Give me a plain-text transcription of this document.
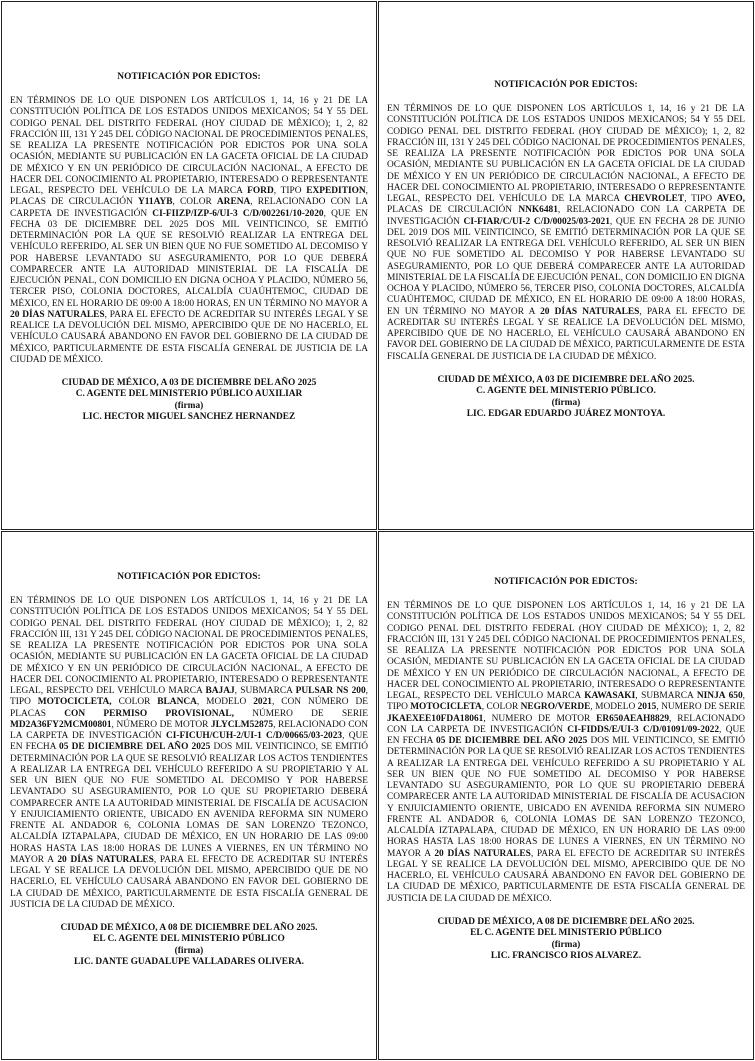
NOTIFICACIÓN POR EDICTOS:
EN TÉRMINOS DE LO QUE DISPONEN LOS ARTÍCULOS 1, 14, 16 y 21 DE LA CONSTITUCIÓN POLÍTICA DE LOS ESTADOS UNIDOS MEXICANOS; 54 Y 55 DEL CODIGO PENAL DEL DISTRITO FEDERAL (HOY CIUDAD DE MÉXICO); 1, 2, 82 FRACCIÓN III, 131 Y 245 DEL CÓDIGO NACIONAL DE PROCEDIMIENTOS PENALES, SE REALIZA LA PRESENTE NOTIFICACIÓN POR EDICTOS POR UNA SOLA OCASIÓN, MEDIANTE SU PUBLICACIÓN EN LA GACETA OFICIAL DE LA CIUDAD DE MÉXICO Y EN UN PERIÓDICO DE CIRCULACIÓN NACIONAL, A EFECTO DE HACER DEL CONOCIMIENTO AL PROPIETARIO, INTERESADO O REPRESENTANTE LEGAL, RESPECTO DEL VEHÍCULO DE LA MARCA FORD, TIPO EXPEDITION, PLACAS DE CIRCULACIÓN Y11AYB, COLOR ARENA, RELACIONADO CON LA CARPETA DE INVESTIGACIÓN CI-FIIZP/IZP-6/UI-3 C/D/002261/10-2020, QUE EN FECHA 03 DE DICIEMBRE DEL 2025 DOS MIL VEINTICINCO, SE EMITIÓ DETERMINACIÓN POR LA QUE SE RESOLVIÓ REALIZAR LA ENTREGA DEL VEHÍCULO REFERIDO, AL SER UN BIEN QUE NO FUE SOMETIDO AL DECOMISO Y POR HABERSE LEVANTADO SU ASEGURAMIENTO, POR LO QUE DEBERÁ COMPARECER ANTE LA AUTORIDAD MINISTERIAL DE LA FISCALÍA DE EJECUCIÓN PENAL, CON DOMICILIO EN DIGNA OCHOA Y PLACIDO, NÚMERO 56, TERCER PISO, COLONIA DOCTORES, ALCALDÍA CUAÚHTEMOC, CIUDAD DE MÉXICO, EN EL HORARIO DE 09:00 A 18:00 HORAS, EN UN TÉRMINO NO MAYOR A 20 DÍAS NATURALES, PARA EL EFECTO DE ACREDITAR SU INTERÉS LEGAL Y SE REALICE LA DEVOLUCIÓN DEL MISMO, APERCIBIDO QUE DE NO HACERLO, EL VEHÍCULO CAUSARÁ ABANDONO EN FAVOR DEL GOBIERNO DE LA CIUDAD DE MÉXICO, PARTICULARMENTE DE ESTA FISCALÍA GENERAL DE JUSTICIA DE LA CIUDAD DE MÉXICO.
CIUDAD DE MÉXICO, A 03 DE DICIEMBRE DEL AÑO 2025
C. AGENTE DEL MINISTERIO PÚBLICO AUXILIAR
(firma)
LIC. HECTOR MIGUEL SANCHEZ HERNANDEZ
NOTIFICACIÓN POR EDICTOS:
EN TÉRMINOS DE LO QUE DISPONEN LOS ARTÍCULOS 1, 14, 16 y 21 DE LA CONSTITUCIÓN POLÍTICA DE LOS ESTADOS UNIDOS MEXICANOS; 54 Y 55 DEL CODIGO PENAL DEL DISTRITO FEDERAL (HOY CIUDAD DE MÉXICO); 1, 2, 82 FRACCIÓN III, 131 Y 245 DEL CÓDIGO NACIONAL DE PROCEDIMIENTOS PENALES, SE REALIZA LA PRESENTE NOTIFICACIÓN POR EDICTOS POR UNA SOLA OCASIÓN, MEDIANTE SU PUBLICACIÓN EN LA GACETA OFICIAL DE LA CIUDAD DE MÉXICO Y EN UN PERIÓDICO DE CIRCULACIÓN NACIONAL, A EFECTO DE HACER DEL CONOCIMIENTO AL PROPIETARIO, INTERESADO O REPRESENTANTE LEGAL, RESPECTO DEL VEHÍCULO DE LA MARCA CHEVROLET, TIPO AVEO, PLACAS DE CIRCULACIÓN NNK6481, RELACIONADO CON LA CARPETA DE INVESTIGACIÓN CI-FIAR/C/UI-2 C/D/00025/03-2021, QUE EN FECHA 28 DE JUNIO DEL 2019 DOS MIL VEINTICINCO, SE EMITIÓ DETERMINACIÓN POR LA QUE SE RESOLVIÓ REALIZAR LA ENTREGA DEL VEHÍCULO REFERIDO, AL SER UN BIEN QUE NO FUE SOMETIDO AL DECOMISO Y POR HABERSE LEVANTADO SU ASEGURAMIENTO, POR LO QUE DEBERÁ COMPARECER ANTE LA AUTORIDAD MINISTERIAL DE LA FISCALÍA DE EJECUCIÓN PENAL, CON DOMICILIO EN DIGNA OCHOA Y PLACIDO, NÚMERO 56, TERCER PISO, COLONIA DOCTORES, ALCALDÍA CUAÚHTEMOC, CIUDAD DE MÉXICO, EN EL HORARIO DE 09:00 A 18:00 HORAS, EN UN TÉRMINO NO MAYOR A 20 DÍAS NATURALES, PARA EL EFECTO DE ACREDITAR SU INTERÉS LEGAL Y SE REALICE LA DEVOLUCIÓN DEL MISMO, APERCIBIDO QUE DE NO HACERLO, EL VEHÍCULO CAUSARÁ ABANDONO EN FAVOR DEL GOBIERNO DE LA CIUDAD DE MÉXICO, PARTICULARMENTE DE ESTA FISCALÍA GENERAL DE JUSTICIA DE LA CIUDAD DE MÉXICO.
CIUDAD DE MÉXICO, A 03 DE DICIEMBRE DEL AÑO 2025.
C. AGENTE DEL MINISTERIO PÚBLICO.
(firma)
LIC. EDGAR EDUARDO JUÁREZ MONTOYA.
NOTIFICACIÓN POR EDICTOS:
EN TÉRMINOS DE LO QUE DISPONEN LOS ARTÍCULOS 1, 14, 16 y 21 DE LA CONSTITUCIÓN POLÍTICA DE LOS ESTADOS UNIDOS MEXICANOS; 54 Y 55 DEL CODIGO PENAL DEL DISTRITO FEDERAL (HOY CIUDAD DE MÉXICO); 1, 2, 82 FRACCIÓN III, 131 Y 245 DEL CÓDIGO NACIONAL DE PROCEDIMIENTOS PENALES, SE REALIZA LA PRESENTE NOTIFICACIÓN POR EDICTOS POR UNA SOLA OCASIÓN, MEDIANTE SU PUBLICACIÓN EN LA GACETA OFICIAL DE LA CIUDAD DE MÉXICO Y EN UN PERIÓDICO DE CIRCULACIÓN NACIONAL, A EFECTO DE HACER DEL CONOCIMIENTO AL PROPIETARIO, INTERESADO O REPRESENTANTE LEGAL, RESPECTO DEL VEHÍCULO MARCA BAJAJ, SUBMARCA PULSAR NS 200, TIPO MOTOCICLETA, COLOR BLANCA, MODELO 2021, CON NÚMERO DE PLACAS CON PERMISO PROVISIONAL, NÚMERO DE SERIE MD2A36FY2MCM00801, NÚMERO DE MOTOR JLYCLM52875, RELACIONADO CON LA CARPETA DE INVESTIGACIÓN CI-FICUH/CUH-2/UI-1 C/D/00665/03-2023, QUE EN FECHA 05 DE DICIEMBRE DEL AÑO 2025 DOS MIL VEINTICINCO, SE EMITIÓ DETERMINACIÓN POR LA QUE SE RESOLVIÓ REALIZAR LOS ACTOS TENDIENTES A REALIZAR LA ENTREGA DEL VEHÍCULO REFERIDO A SU PROPIETARIO Y AL SER UN BIEN QUE NO FUE SOMETIDO AL DECOMISO Y POR HABERSE LEVANTADO SU ASEGURAMIENTO, POR LO QUE SU PROPIETARIO DEBERÁ COMPARECER ANTE LA AUTORIDAD MINISTERIAL DE FISCALÍA DE ACUSACION Y ENJUICIAMIENTO ORIENTE, UBICADO EN AVENIDA REFORMA SIN NUMERO FRENTE AL ANDADOR 6, COLONIA LOMAS DE SAN LORENZO TEZONCO, ALCALDÍA IZTAPALAPA, CIUDAD DE MÉXICO, EN UN HORARIO DE LAS 09:00 HORAS HASTA LAS 18:00 HORAS DE LUNES A VIERNES, EN UN TÉRMINO NO MAYOR A 20 DÍAS NATURALES, PARA EL EFECTO DE ACREDITAR SU INTERÉS LEGAL Y SE REALICE LA DEVOLUCIÓN DEL MISMO, APERCIBIDO QUE DE NO HACERLO, EL VEHÍCULO CAUSARÁ ABANDONO EN FAVOR DEL GOBIERNO DE LA CIUDAD DE MÉXICO, PARTICULARMENTE DE ESTA FISCALÍA GENERAL DE JUSTICIA DE LA CIUDAD DE MÉXICO.
CIUDAD DE MÉXICO, A 08 DE DICIEMBRE DEL AÑO 2025.
EL C. AGENTE DEL MINISTERIO PÚBLICO
(firma)
LIC. DANTE GUADALUPE VALLADARES OLIVERA.
NOTIFICACIÓN POR EDICTOS:
EN TÉRMINOS DE LO QUE DISPONEN LOS ARTÍCULOS 1, 14, 16 y 21 DE LA CONSTITUCIÓN POLÍTICA DE LOS ESTADOS UNIDOS MEXICANOS; 54 Y 55 DEL CODIGO PENAL DEL DISTRITO FEDERAL (HOY CIUDAD DE MÉXICO); 1, 2, 82 FRACCIÓN III, 131 Y 245 DEL CÓDIGO NACIONAL DE PROCEDIMIENTOS PENALES, SE REALIZA LA PRESENTE NOTIFICACIÓN POR EDICTOS POR UNA SOLA OCASIÓN, MEDIANTE SU PUBLICACIÓN EN LA GACETA OFICIAL DE LA CIUDAD DE MÉXICO Y EN UN PERIÓDICO DE CIRCULACIÓN NACIONAL, A EFECTO DE HACER DEL CONOCIMIENTO AL PROPIETARIO, INTERESADO O REPRESENTANTE LEGAL, RESPECTO DEL VEHÍCULO MARCA KAWASAKI, SUBMARCA NINJA 650, TIPO MOTOCICLETA, COLOR NEGRO/VERDE, MODELO 2015, NUMERO DE SERIE JKAEXEE10FDA18061, NUMERO DE MOTOR ER650AEAH8829, RELACIONADO CON LA CARPETA DE INVESTIGACIÓN CI-FIDDS/E/UI-3 C/D/01091/09-2022, QUE EN FECHA 05 DE DICIEMBRE DEL AÑO 2025 DOS MIL VEINTICINCO, SE EMITIÓ DETERMINACIÓN POR LA QUE SE RESOLVIÓ REALIZAR LOS ACTOS TENDIENTES A REALIZAR LA ENTREGA DEL VEHÍCULO REFERIDO A SU PROPIETARIO Y AL SER UN BIEN QUE NO FUE SOMETIDO AL DECOMISO Y POR HABERSE LEVANTADO SU ASEGURAMIENTO, POR LO QUE SU PROPIETARIO DEBERÁ COMPARECER ANTE LA AUTORIDAD MINISTERIAL DE FISCALÍA DE ACUSACION Y ENJUICIAMIENTO ORIENTE, UBICADO EN AVENIDA REFORMA SIN NUMERO FRENTE AL ANDADOR 6, COLONIA LOMAS DE SAN LORENZO TEZONCO, ALCALDÍA IZTAPALAPA, CIUDAD DE MÉXICO, EN UN HORARIO DE LAS 09:00 HORAS HASTA LAS 18:00 HORAS DE LUNES A VIERNES, EN UN TÉRMINO NO MAYOR A 20 DÍAS NATURALES, PARA EL EFECTO DE ACREDITAR SU INTERÉS LEGAL Y SE REALICE LA DEVOLUCIÓN DEL MISMO, APERCIBIDO QUE DE NO HACERLO, EL VEHÍCULO CAUSARÁ ABANDONO EN FAVOR DEL GOBIERNO DE LA CIUDAD DE MÉXICO, PARTICULARMENTE DE ESTA FISCALÍA GENERAL DE JUSTICIA DE LA CIUDAD DE MÉXICO.
CIUDAD DE MÉXICO, A 08 DE DICIEMBRE DEL AÑO 2025.
EL C. AGENTE DEL MINISTERIO PÚBLICO
(firma)
LIC. FRANCISCO RIOS ALVAREZ.
